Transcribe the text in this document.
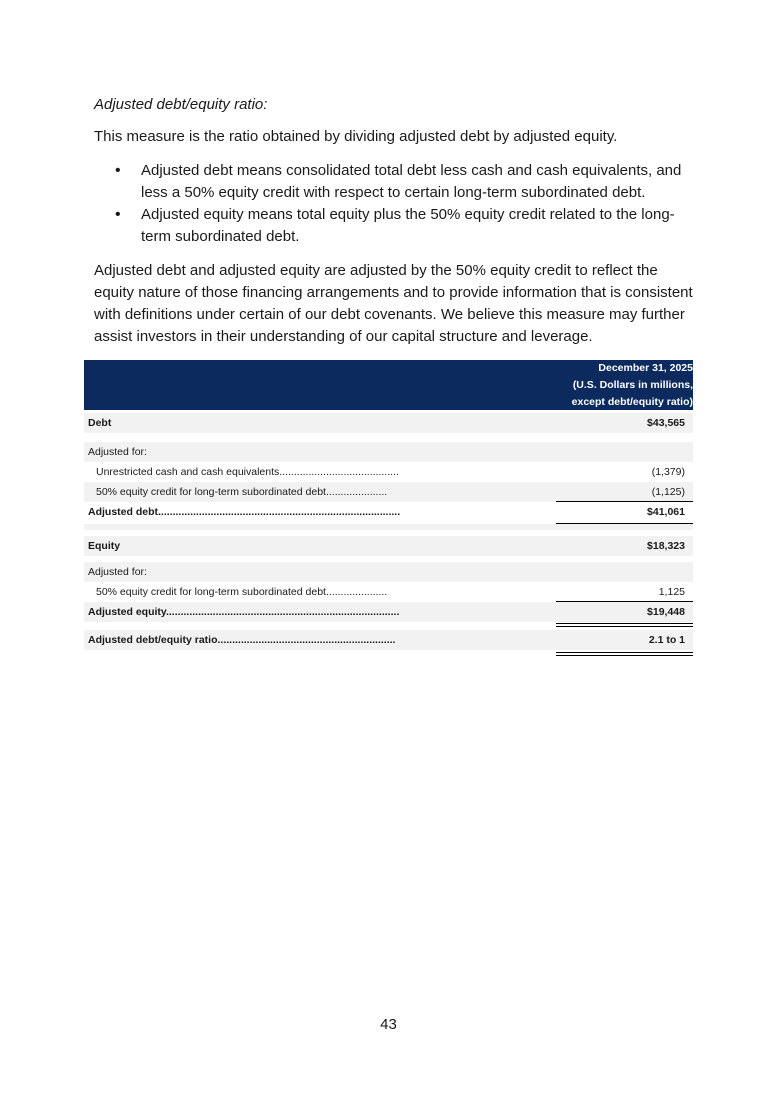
Adjusted debt/equity ratio:
This measure is the ratio obtained by dividing adjusted debt by adjusted equity.
• Adjusted debt means consolidated total debt less cash and cash equivalents, and less a 50% equity credit with respect to certain long-term subordinated debt.
• Adjusted equity means total equity plus the 50% equity credit related to the long-term subordinated debt.
Adjusted debt and adjusted equity are adjusted by the 50% equity credit to reflect the equity nature of those financing arrangements and to provide information that is consistent with definitions under certain of our debt covenants. We believe this measure may further assist investors in their understanding of our capital structure and leverage.
December 31, 2025
(U.S. Dollars in millions,
except debt/equity ratio)
Debt	$43,565
Adjusted for:
Unrestricted cash and cash equivalents.........................................	(1,379)
50% equity credit for long-term subordinated debt.....................	(1,125)
Adjusted debt...................................................................................	$41,061
Equity	$18,323
Adjusted for:
50% equity credit for long-term subordinated debt.....................	1,125
Adjusted equity................................................................................	$19,448
Adjusted debt/equity ratio.............................................................	2.1 to 1
43
